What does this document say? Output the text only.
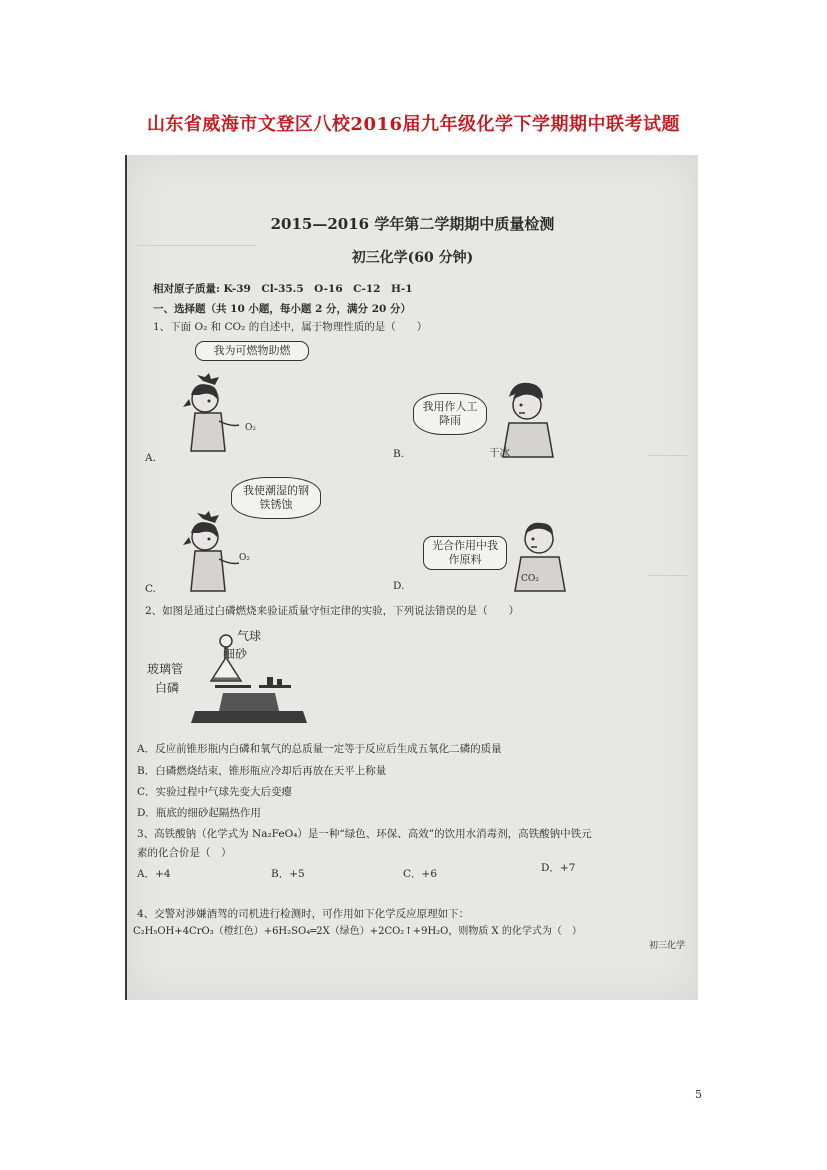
山东省威海市文登区八校2016届九年级化学下学期期中联考试题
2015—2016 学年第二学期期中质量检测
初三化学(60 分钟)
相对原子质量: K-39　Cl-35.5　O-16　C-12　H-1
一、选择题（共 10 小题，每小题 2 分，满分 20 分）
1、下面 O₂ 和 CO₂ 的自述中，属于物理性质的是（　　）
我为可燃物助燃
O₂
A.
我用作人工降雨
干冰
B.
我使潮湿的钢铁锈蚀
O₂
C.
光合作用中我作原料
CO₂
D.
2、如图是通过白磷燃烧来验证质量守恒定律的实验，下列说法错误的是（　　）
气球
细砂
玻璃管
白磷
A．反应前锥形瓶内白磷和氧气的总质量一定等于反应后生成五氧化二磷的质量
B．白磷燃烧结束，锥形瓶应冷却后再放在天平上称量
C．实验过程中气球先变大后变瘪
D．瓶底的细砂起隔热作用
3、高铁酸钠（化学式为 Na₂FeO₄）是一种“绿色、环保、高效”的饮用水消毒剂，高铁酸钠中铁元
素的化合价是（　）
A．+4	B．+5	C．+6	D．+7
4、交警对涉嫌酒驾的司机进行检测时，可作用如下化学反应原理如下：
C₂H₅OH+4CrO₃（橙红色）+6H₂SO₄═2X（绿色）+2CO₂↑+9H₂O，则物质 X 的化学式为（　）
初三化学
5
